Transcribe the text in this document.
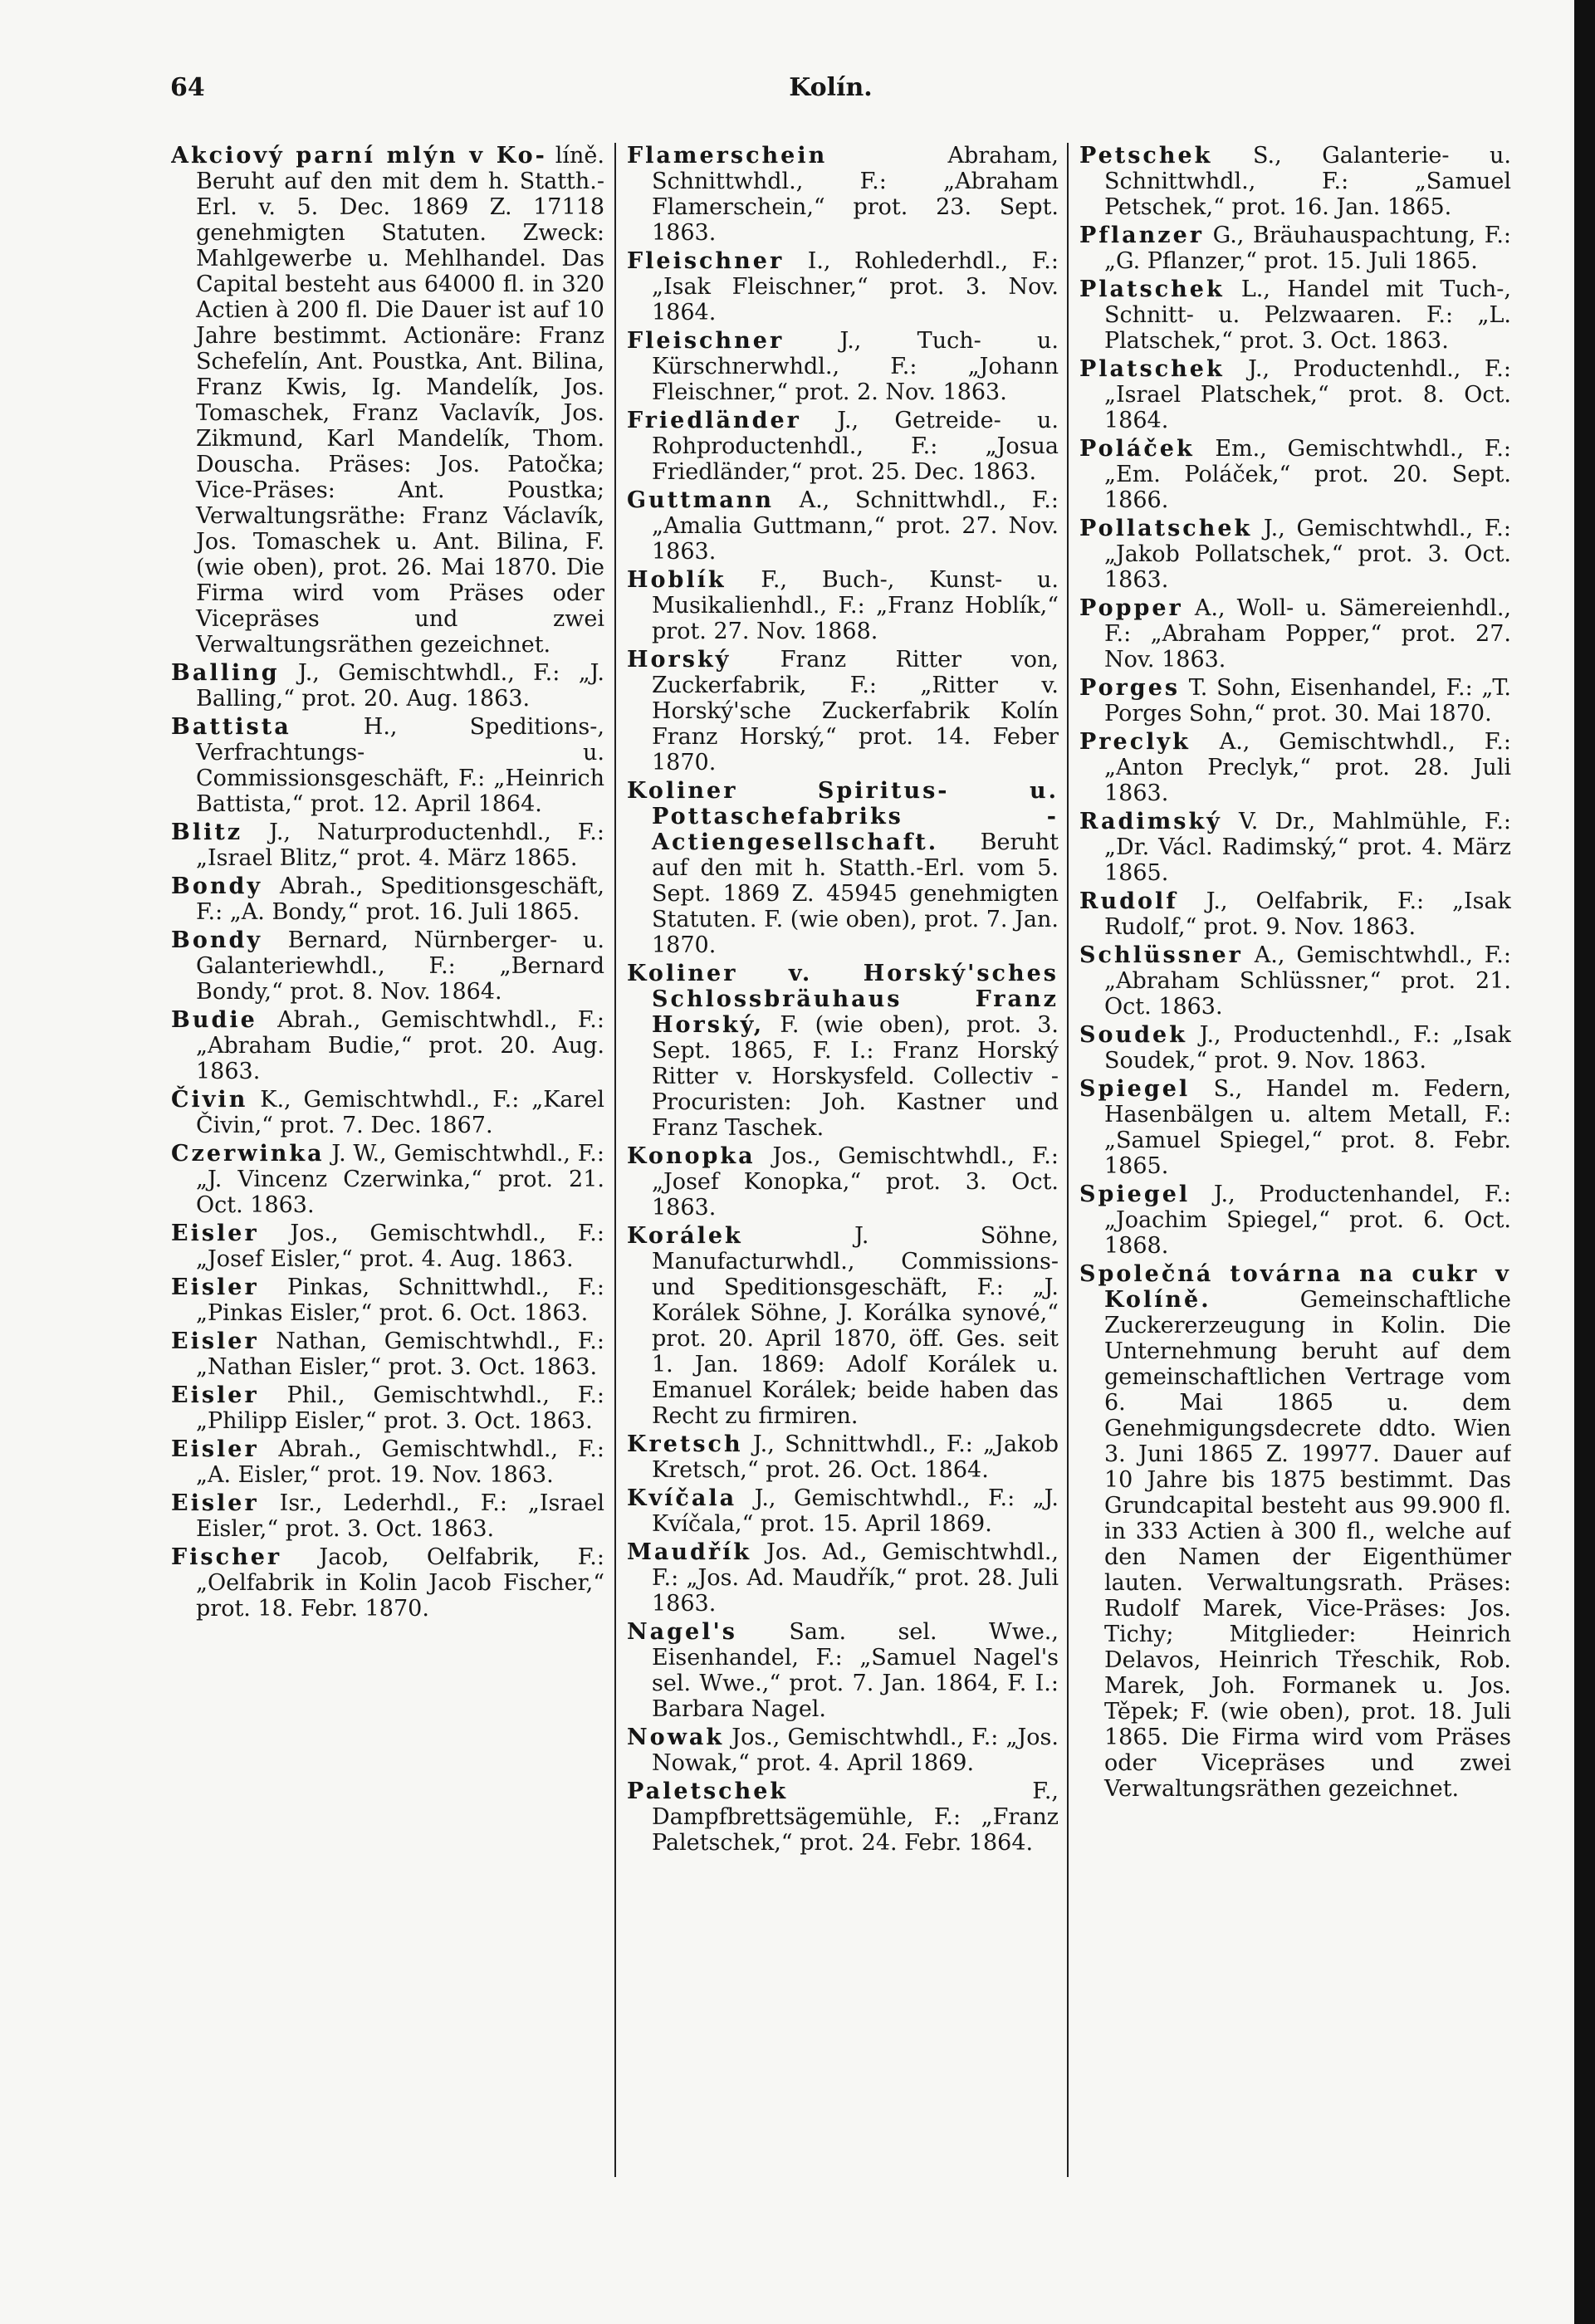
64	Kolín.

Akciový parní mlýn v Ko- líně. Beruht auf den mit dem h. Statth.-Erl. v. 5. Dec. 1869 Z. 17118 genehmigten Statuten. Zweck: Mahlgewerbe u. Mehlhandel. Das Capital besteht aus 64000 fl. in 320 Actien à 200 fl. Die Dauer ist auf 10 Jahre bestimmt. Actionäre: Franz Schefelín, Ant. Poustka, Ant. Bilina, Franz Kwis, Ig. Mandelík, Jos. Tomaschek, Franz Vaclavík, Jos. Zikmund, Karl Mandelík, Thom. Douscha. Präses: Jos. Patočka; Vice-Präses: Ant. Poustka; Verwaltungsräthe: Franz Václavík, Jos. Tomaschek u. Ant. Bilina, F. (wie oben), prot. 26. Mai 1870. Die Firma wird vom Präses oder Vicepräses und zwei Verwaltungsräthen gezeichnet.

Balling J., Gemischtwhdl., F.: „J. Balling,“ prot. 20. Aug. 1863.

Battista	H., Speditions-, Verfrachtungs- u. Commissionsgeschäft, F.: „Heinrich Battista,“ prot. 12. April 1864.

Blitz J., Naturproductenhdl., F.: „Israel Blitz,“ prot. 4. März 1865.

Bondy Abrah., Speditionsgeschäft, F.: „A. Bondy,“ prot. 16. Juli 1865.

Bondy Bernard, Nürnberger- u. Galanteriewhdl., F.: „Bernard Bondy,“ prot. 8. Nov. 1864.

Budie Abrah., Gemischtwhdl., F.: „Abraham Budie,“ prot. 20. Aug. 1863.

Čivin K., Gemischtwhdl., F.: „Karel Čivin,“ prot. 7. Dec. 1867.

Czerwinka J. W., Gemischtwhdl., F.: „J. Vincenz Czerwinka,“ prot. 21. Oct. 1863.

Eisler Jos., Gemischtwhdl., F.: „Josef Eisler,“ prot. 4. Aug. 1863.

Eisler Pinkas, Schnittwhdl., F.: „Pinkas Eisler,“ prot. 6. Oct. 1863.

Eisler Nathan, Gemischtwhdl., F.: „Nathan Eisler,“ prot. 3. Oct. 1863.

Eisler Phil., Gemischtwhdl., F.: „Philipp Eisler,“ prot. 3. Oct. 1863.

Eisler Abrah., Gemischtwhdl., F.: „A. Eisler,“ prot. 19. Nov. 1863.

Eisler Isr., Lederhdl., F.: „Israel Eisler,“ prot. 3. Oct. 1863.

Fischer Jacob, Oelfabrik, F.: „Oelfabrik in Kolin Jacob Fischer,“ prot. 18. Febr. 1870.

Flamerschein	Abraham, Schnittwhdl., F.: „Abraham Flamerschein,“ prot. 23. Sept. 1863.

Fleischner I., Rohlederhdl., F.: „Isak Fleischner,“ prot. 3. Nov. 1864.

Fleischner J., Tuch- u. Kürschnerwhdl., F.: „Johann Fleischner,“ prot. 2. Nov. 1863.

Friedländer J., Getreide- u. Rohproductenhdl., F.: „Josua Friedländer,“ prot. 25. Dec. 1863.

Guttmann A., Schnittwhdl., F.: „Amalia Guttmann,“ prot. 27. Nov. 1863.

Hoblík F., Buch-, Kunst- u. Musikalienhdl., F.: „Franz Hoblík,“ prot. 27. Nov. 1868.

Horský Franz Ritter von, Zuckerfabrik, F.: „Ritter v. Horský'sche Zuckerfabrik Kolín Franz Horský,“ prot. 14. Feber 1870.

Koliner Spiritus- u. Pottaschefabriks - Actiengesellschaft. Beruht auf den mit h. Statth.-Erl. vom 5. Sept. 1869 Z. 45945 genehmigten Statuten. F. (wie oben), prot. 7. Jan. 1870.

Koliner v. Horský'sches Schlossbräuhaus Franz Horský, F. (wie oben), prot. 3. Sept. 1865, F. I.: Franz Horský Ritter v. Horskysfeld. Collectiv - Procuristen: Joh. Kastner und Franz Taschek.

Konopka Jos., Gemischtwhdl., F.: „Josef Konopka,“ prot. 3. Oct. 1863.

Korálek	J. Söhne, Manufacturwhdl., Commissions- und Speditionsgeschäft, F.: „J. Korálek Söhne, J. Korálka synové,“ prot. 20. April 1870, öff. Ges. seit 1. Jan. 1869: Adolf Korálek u. Emanuel Korálek; beide haben das Recht zu firmiren.

Kretsch J., Schnittwhdl., F.: „Jakob Kretsch,“ prot. 26. Oct. 1864.

Kvíčala J., Gemischtwhdl., F.: „J. Kvíčala,“ prot. 15. April 1869.

Maudřík Jos. Ad., Gemischtwhdl., F.: „Jos. Ad. Maudřík,“ prot. 28. Juli 1863.

Nagel's Sam. sel. Wwe., Eisenhandel, F.: „Samuel Nagel's sel. Wwe.,“ prot. 7. Jan. 1864, F. I.: Barbara Nagel.

Nowak Jos., Gemischtwhdl., F.: „Jos. Nowak,“ prot. 4. April 1869.

Paletschek	F., Dampfbrettsägemühle, F.: „Franz Paletschek,“ prot. 24. Febr. 1864.

Petschek S., Galanterie- u. Schnittwhdl., F.: „Samuel Petschek,“ prot. 16. Jan. 1865.

Pflanzer G., Bräuhauspachtung, F.: „G. Pflanzer,“ prot. 15. Juli 1865.

Platschek L., Handel mit Tuch-, Schnitt- u. Pelzwaaren. F.: „L. Platschek,“ prot. 3. Oct. 1863.

Platschek J., Productenhdl., F.: „Israel Platschek,“ prot. 8. Oct. 1864.

Poláček Em., Gemischtwhdl., F.: „Em. Poláček,“ prot. 20. Sept. 1866.

Pollatschek J., Gemischtwhdl., F.: „Jakob Pollatschek,“ prot. 3. Oct. 1863.

Popper A., Woll- u. Sämereienhdl., F.: „Abraham Popper,“ prot. 27. Nov. 1863.

Porges T. Sohn, Eisenhandel, F.: „T. Porges Sohn,“ prot. 30. Mai 1870.

Preclyk A., Gemischtwhdl., F.: „Anton Preclyk,“ prot. 28. Juli 1863.

Radimský V. Dr., Mahlmühle, F.: „Dr. Václ. Radimský,“ prot. 4. März 1865.

Rudolf J., Oelfabrik, F.: „Isak Rudolf,“ prot. 9. Nov. 1863.

Schlüssner A., Gemischtwhdl., F.: „Abraham Schlüssner,“ prot. 21. Oct. 1863.

Soudek J., Productenhdl., F.: „Isak Soudek,“ prot. 9. Nov. 1863.

Spiegel S., Handel m. Federn, Hasenbälgen u. altem Metall, F.: „Samuel Spiegel,“ prot. 8. Febr. 1865.

Spiegel J., Productenhandel, F.: „Joachim Spiegel,“ prot. 6. Oct. 1868.

Společná továrna na cukr v Kolíně.	Gemeinschaftliche Zuckererzeugung in Kolin. Die Unternehmung beruht auf dem gemeinschaftlichen Vertrage vom 6. Mai 1865 u. dem Genehmigungsdecrete ddto. Wien 3. Juni 1865 Z. 19977. Dauer auf 10 Jahre bis 1875 bestimmt. Das Grundcapital besteht aus 99.900 fl. in 333 Actien à 300 fl., welche auf den Namen der Eigenthümer lauten. Verwaltungsrath. Präses: Rudolf Marek, Vice-Präses: Jos. Tichy; Mitglieder: Heinrich Delavos, Heinrich Třeschik, Rob. Marek, Joh. Formanek u. Jos. Těpek; F. (wie oben), prot. 18. Juli 1865. Die Firma wird vom Präses oder Vicepräses und zwei Verwaltungsräthen gezeichnet.
